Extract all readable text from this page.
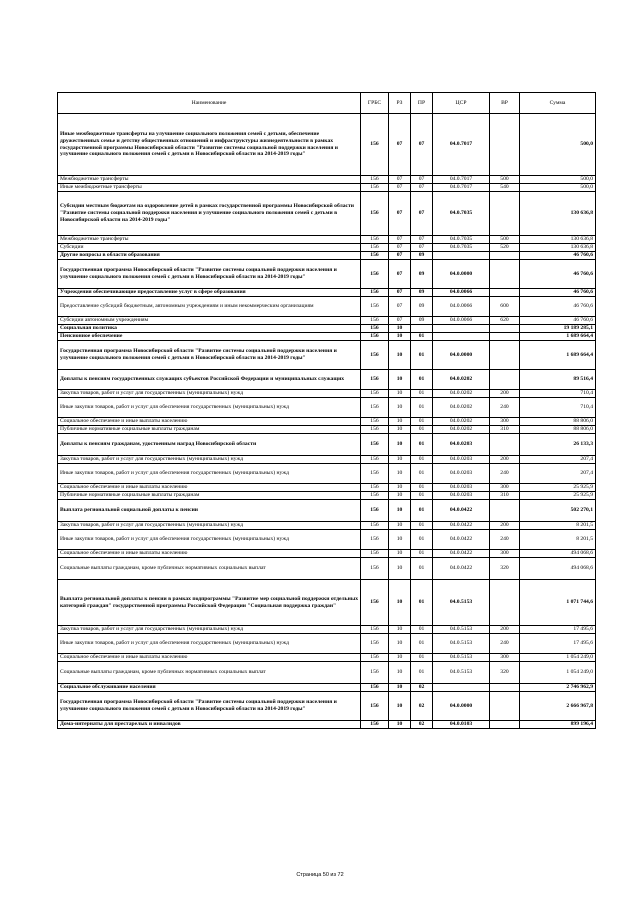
Наименование	ГРБС	РЗ	ПР	ЦСР	ВР	Сумма
Иные межбюджетные трансферты на улучшение социального положения семей с детьми, обеспечение дружественных семье и детству общественных отношений и инфраструктуры жизнедеятельности в рамках государственной программы Новосибирской области "Развитие системы социальной поддержки населения и улучшение социального положения семей с детьми в Новосибирской области на 2014-2019 годы"	156	07	07	04.0.7017		500,0
Межбюджетные трансферты	156	07	07	04.0.7017	500	500,0
Иные межбюджетные трансферты	156	07	07	04.0.7017	540	500,0
Субсидии местным бюджетам на оздоровление детей в рамках государственной программы Новосибирской области "Развитие системы социальной поддержки населения и улучшение социального положения семей с детьми в Новосибирской области на 2014-2019 годы"	156	07	07	04.0.7035		130 636,8
Межбюджетные трансферты	156	07	07	04.0.7035	500	130 636,8
Субсидии	156	07	07	04.0.7035	520	130 636,8
Другие вопросы в области образования	156	07	09			46 760,6
Государственная программа Новосибирской области "Развитие системы социальной поддержки населения и улучшение социального положения семей с детьми в Новосибирской области на 2014-2019 годы"	156	07	09	04.0.0000		46 760,6
Учреждения обеспечивающие предоставление услуг в сфере образования	156	07	09	04.0.0066		46 760,6
Предоставление субсидий бюджетным, автономным учреждениям и иным некоммерческим организациям	156	07	09	04.0.0066	600	46 760,6
Субсидии автономным учреждениям	156	07	09	04.0.0066	620	46 760,6
Социальная политика	156	10				19 189 285,1
Пенсионное обеспечение	156	10	01			1 689 664,4
Государственная программа Новосибирской области "Развитие системы социальной поддержки населения и улучшение социального положения семей с детьми в Новосибирской области на 2014-2019 годы"	156	10	01	04.0.0000		1 689 664,4
Доплаты к пенсиям государственных служащих субъектов Российской Федерации и муниципальных служащих	156	10	01	04.0.0202		89 516,4
Закупка товаров, работ и услуг для государственных (муниципальных) нужд	156	10	01	04.0.0202	200	710,4
Иные закупки товаров, работ и услуг для обеспечения государственных (муниципальных) нужд	156	10	01	04.0.0202	240	710,4
Социальное обеспечение и иные выплаты населению	156	10	01	04.0.0202	300	88 806,0
Публичные нормативные социальные выплаты гражданам	156	10	01	04.0.0202	310	88 806,0
Доплаты к пенсиям гражданам, удостоенным наград Новосибирской области	156	10	01	04.0.0203		26 133,3
Закупка товаров, работ и услуг для государственных (муниципальных) нужд	156	10	01	04.0.0203	200	207,4
Иные закупки товаров, работ и услуг для обеспечения государственных (муниципальных) нужд	156	10	01	04.0.0203	240	207,4
Социальное обеспечение и иные выплаты населению	156	10	01	04.0.0203	300	25 925,9
Публичные нормативные социальные выплаты гражданам	156	10	01	04.0.0203	310	25 925,9
Выплата региональной социальной доплаты к пенсии	156	10	01	04.0.0422		502 270,1
Закупка товаров, работ и услуг для государственных (муниципальных) нужд	156	10	01	04.0.0422	200	8 201,5
Иные закупки товаров, работ и услуг для обеспечения государственных (муниципальных) нужд	156	10	01	04.0.0422	240	8 201,5
Социальное обеспечение и иные выплаты населению	156	10	01	04.0.0422	300	494 068,6
Социальные выплаты гражданам, кроме публичных нормативных социальных выплат	156	10	01	04.0.0422	320	494 068,6
Выплата региональной доплаты к пенсии в рамках подпрограммы "Развитие мер социальной поддержки отдельных категорий граждан" государственной программы Российской Федерации "Социальная поддержка граждан"	156	10	01	04.0.5153		1 071 744,6
Закупка товаров, работ и услуг для государственных (муниципальных) нужд	156	10	01	04.0.5153	200	17 495,6
Иные закупки товаров, работ и услуг для обеспечения государственных (муниципальных) нужд	156	10	01	04.0.5153	240	17 495,6
Социальное обеспечение и иные выплаты населению	156	10	01	04.0.5153	300	1 054 249,0
Социальные выплаты гражданам, кроме публичных нормативных социальных выплат	156	10	01	04.0.5153	320	1 054 249,0
Социальное обслуживание населения	156	10	02			2 746 962,9
Государственная программа Новосибирской области "Развитие системы социальной поддержки населения и улучшение социального положения семей с детьми в Новосибирской области на 2014-2019 годы"	156	10	02	04.0.0000		2 666 967,8
Дома-интернаты для престарелых и инвалидов	156	10	02	04.0.0103		899 196,4
Страница 50 из 72
